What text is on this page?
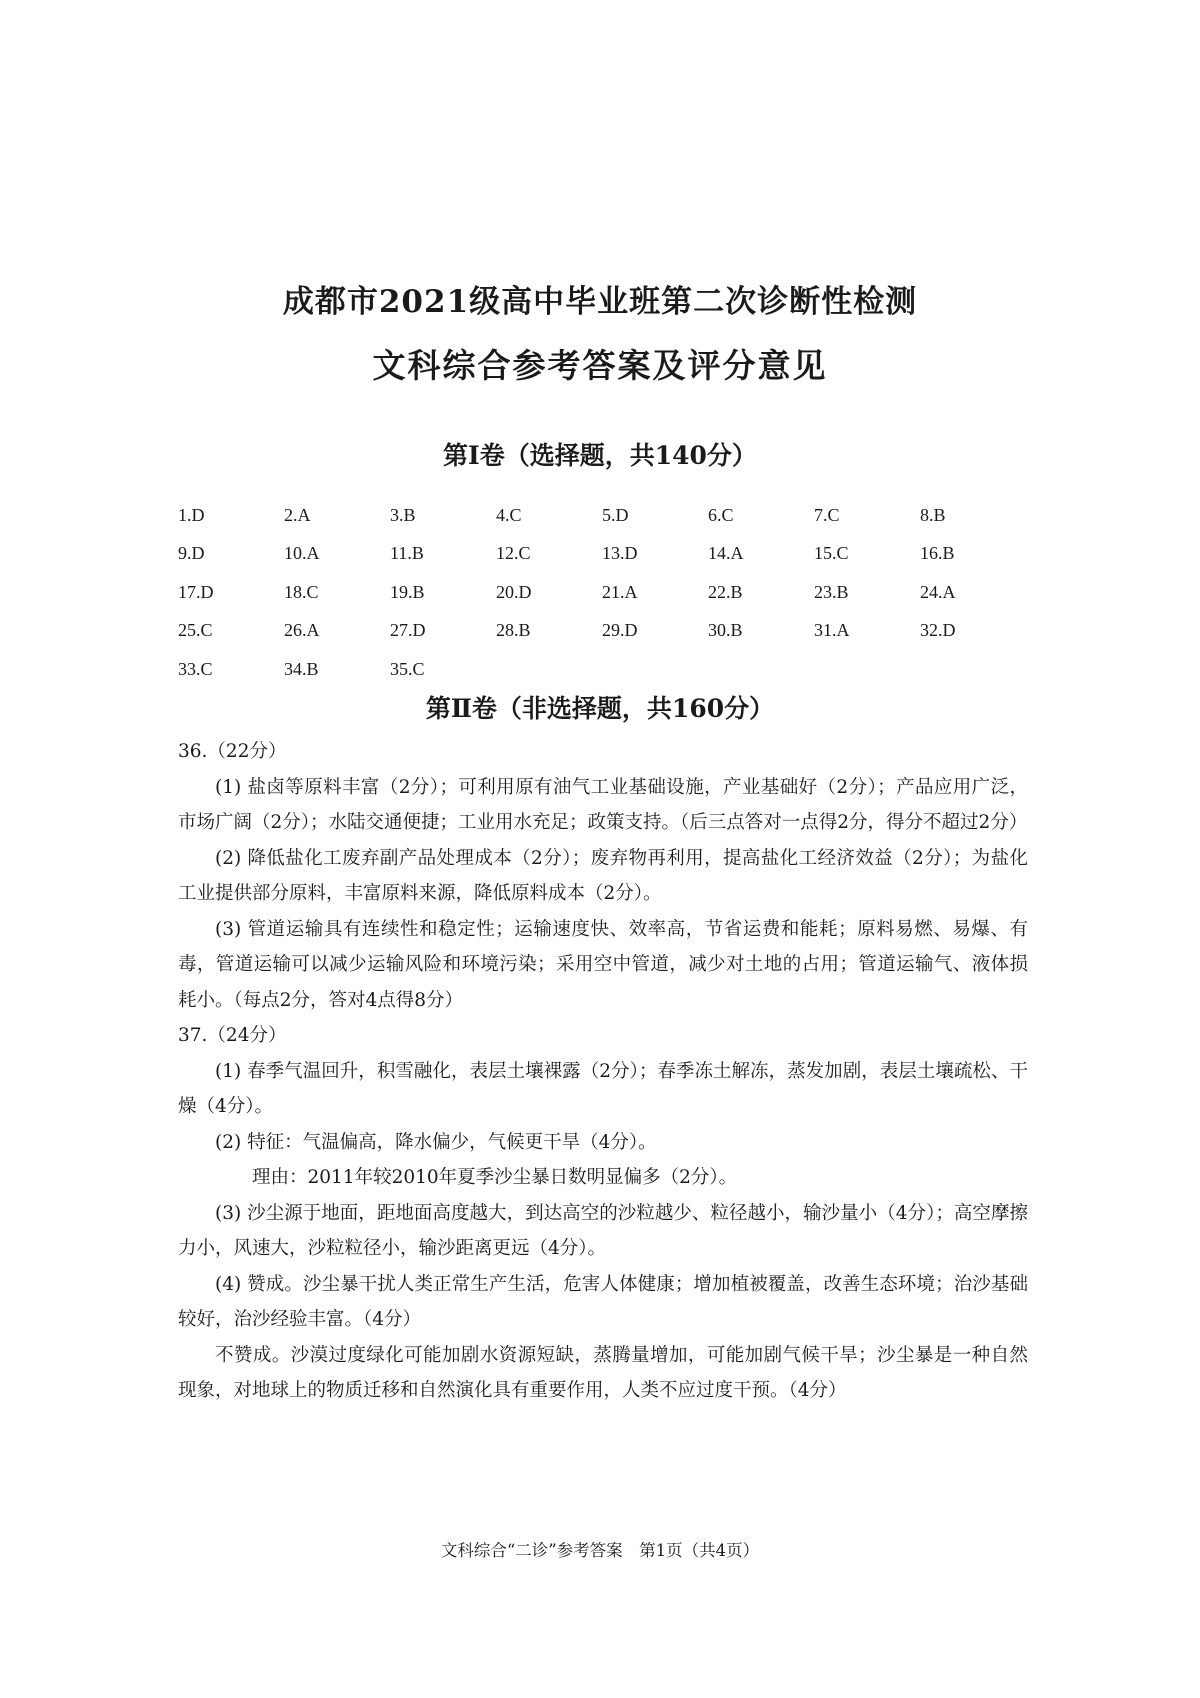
成都市2021级高中毕业班第二次诊断性检测
文科综合参考答案及评分意见
第Ⅰ卷（选择题，共140分）
1.D	2.A	3.B	4.C	5.D	6.C	7.C	8.B
9.D	10.A	11.B	12.C	13.D	14.A	15.C	16.B
17.D	18.C	19.B	20.D	21.A	22.B	23.B	24.A
25.C	26.A	27.D	28.B	29.D	30.B	31.A	32.D
33.C	34.B	35.C
第Ⅱ卷（非选择题，共160分）

36.（22分）

(1) 盐卤等原料丰富（2分）；可利用原有油气工业基础设施，产业基础好（2分）；产品应用广泛，市场广阔（2分）；水陆交通便捷；工业用水充足；政策支持。（后三点答对一点得2分，得分不超过2分）

(2) 降低盐化工废弃副产品处理成本（2分）；废弃物再利用，提高盐化工经济效益（2分）；为盐化工业提供部分原料，丰富原料来源，降低原料成本（2分）。

(3) 管道运输具有连续性和稳定性；运输速度快、效率高，节省运费和能耗；原料易燃、易爆、有毒，管道运输可以减少运输风险和环境污染；采用空中管道，减少对土地的占用；管道运输气、液体损耗小。（每点2分，答对4点得8分）

37.（24分）

(1) 春季气温回升，积雪融化，表层土壤裸露（2分）；春季冻土解冻，蒸发加剧，表层土壤疏松、干燥（4分）。

(2) 特征：气温偏高，降水偏少，气候更干旱（4分）。

理由：2011年较2010年夏季沙尘暴日数明显偏多（2分）。

(3) 沙尘源于地面，距地面高度越大，到达高空的沙粒越少、粒径越小，输沙量小（4分）；高空摩擦力小，风速大，沙粒粒径小，输沙距离更远（4分）。

(4) 赞成。沙尘暴干扰人类正常生产生活，危害人体健康；增加植被覆盖，改善生态环境；治沙基础较好，治沙经验丰富。（4分）

不赞成。沙漠过度绿化可能加剧水资源短缺，蒸腾量增加，可能加剧气候干旱；沙尘暴是一种自然现象，对地球上的物质迁移和自然演化具有重要作用，人类不应过度干预。（4分）

文科综合“二诊”参考答案　第1页（共4页）
